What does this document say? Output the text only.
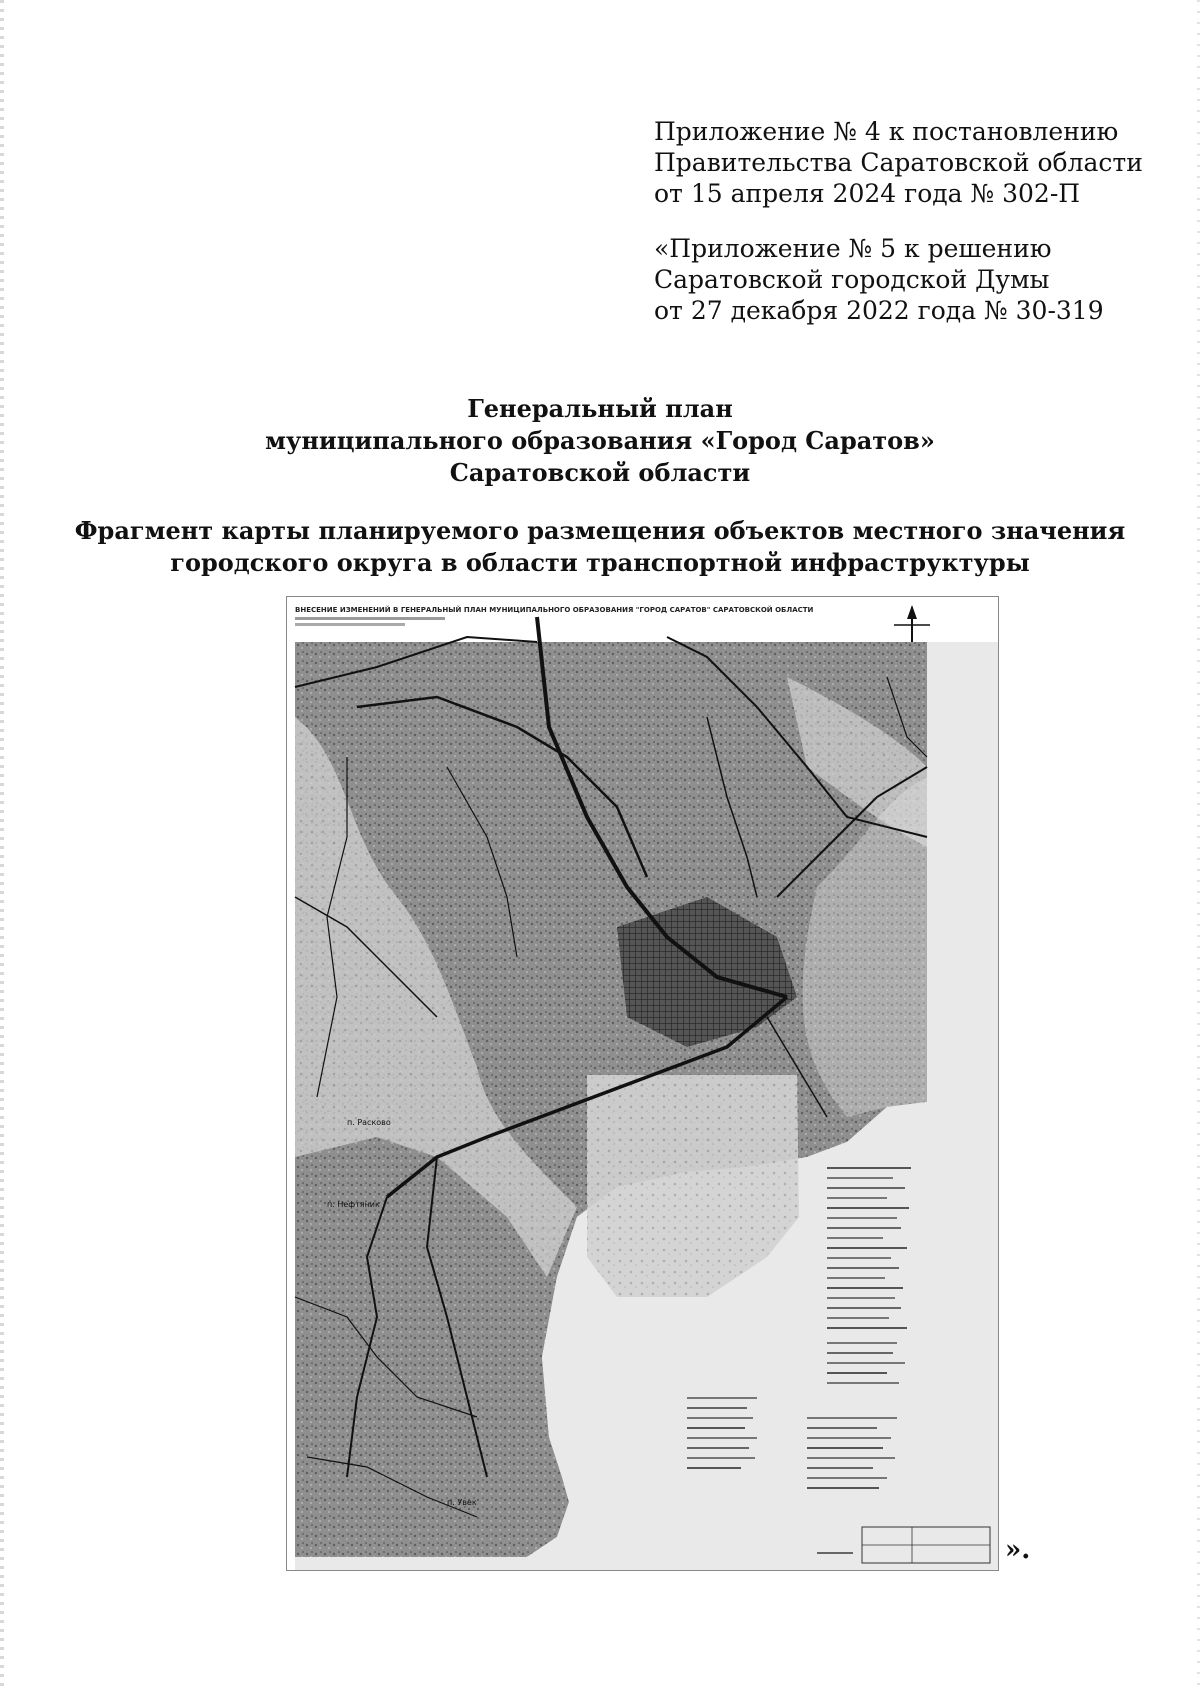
Приложение № 4 к постановлению
Правительства Саратовской области
от 15 апреля 2024 года № 302-П
«Приложение № 5 к решению
Саратовской городской Думы
от 27 декабря 2022 года № 30-319
Генеральный план
муниципального образования «Город Саратов»
Саратовской области
Фрагмент карты планируемого размещения объектов местного значения
городского округа в области транспортной инфраструктуры
ВНЕСЕНИЕ ИЗМЕНЕНИЙ В ГЕНЕРАЛЬНЫЙ ПЛАН МУНИЦИПАЛЬНОГО ОБРАЗОВАНИЯ "ГОРОД САРАТОВ" САРАТОВСКОЙ ОБЛАСТИ
п. Расково
п. Увек
п. Нефтяник
».
